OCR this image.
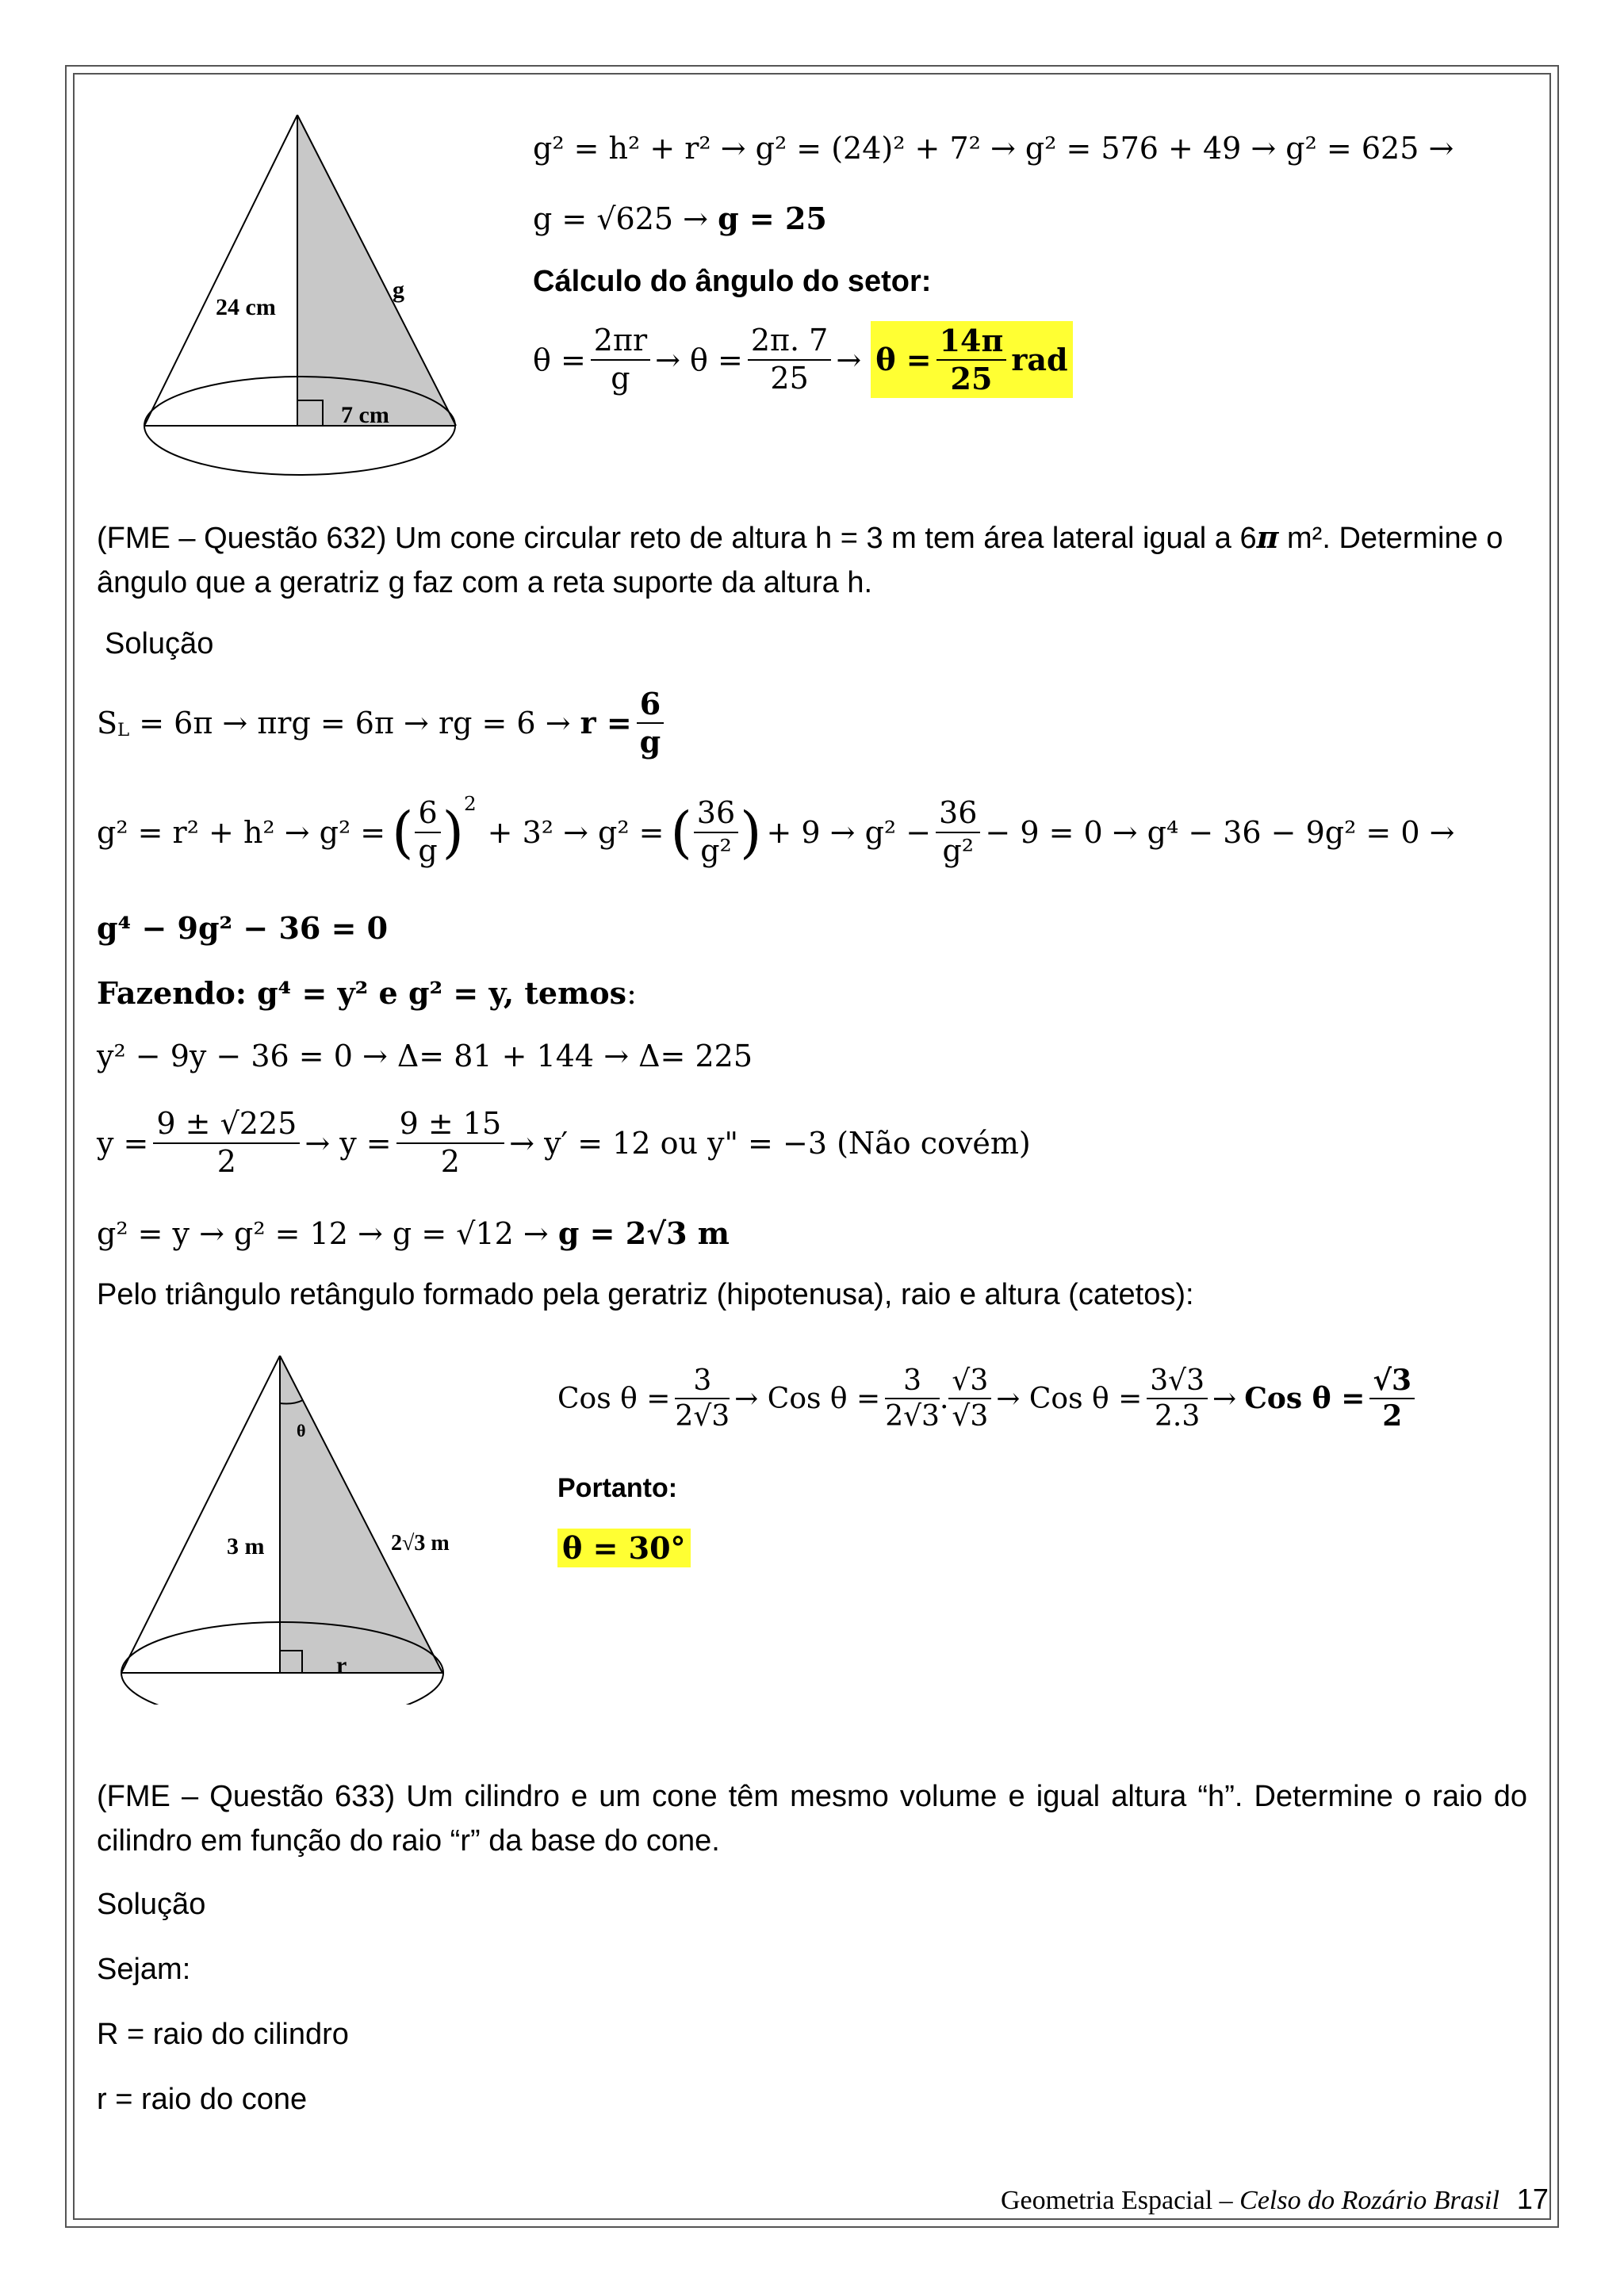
24 cm
g
7 cm
g² = h² + r² → g² = (24)² + 7² → g² = 576 + 49 → g² = 625 →
g = √625 → g = 25
Cálculo do ângulo do setor:
$\theta = \frac{2\pi r}{g} \to \theta = \frac{2\pi. 7}{25} \to \theta = \frac{14\pi}{25}$ rad
(FME – Questão 632) Um cone circular reto de altura h = 3 m tem área lateral igual a 6π m². Determine o ângulo que a geratriz g faz com a reta suporte da altura h.
Solução
$S_L = 6\pi \to \pi rg = 6\pi$ → rg = $6 \to r = \frac{6}{g}$
g² = r² + h² → g² = ( $\frac{6}{g} )^2$
+ 3² → g² = ( $\frac{36}{\text{g²}}$ ) + $9 \to g^2 - \frac{36}{\text{g²}} - 9 = 0 \to g^4 - 36 - 9g^2 = 0$ →
g⁴ − 9g² − 36 = 0
Fazendo: g⁴ = y² e g² = y, temos:
y² − 9y − 36 = 0 → Δ= 81 + 144 → Δ= 225
$y = \frac{9 \pm √225}{2} \to y = \frac{9 \pm 15}{2} \to y' = 12$ ou y" = −3 (Não covém)
g² = y → g² = 12 → g = √12 → g = 2√3 m
Pelo triângulo retângulo formado pela geratriz (hipotenusa), raio e altura (catetos):
θ
3 m	2√3 m
r
Cos $\theta = \frac{3}{2√3}$ → Cos $\theta = \frac{3}{2√3}$ . $\frac{√3}{√3}$ → Cos $\theta = \frac{3√3}{2.3}$ → Cos $\theta = \frac{√3}{2}$
Portanto:
θ = 30°
(FME – Questão 633) Um cilindro e um cone têm mesmo volume e igual altura “h”. Determine o raio do cilindro em função do raio “r” da base do cone.
Solução
Sejam:
R = raio do cilindro
r = raio do cone
Geometria Espacial – Celso do Rozário Brasil 17
